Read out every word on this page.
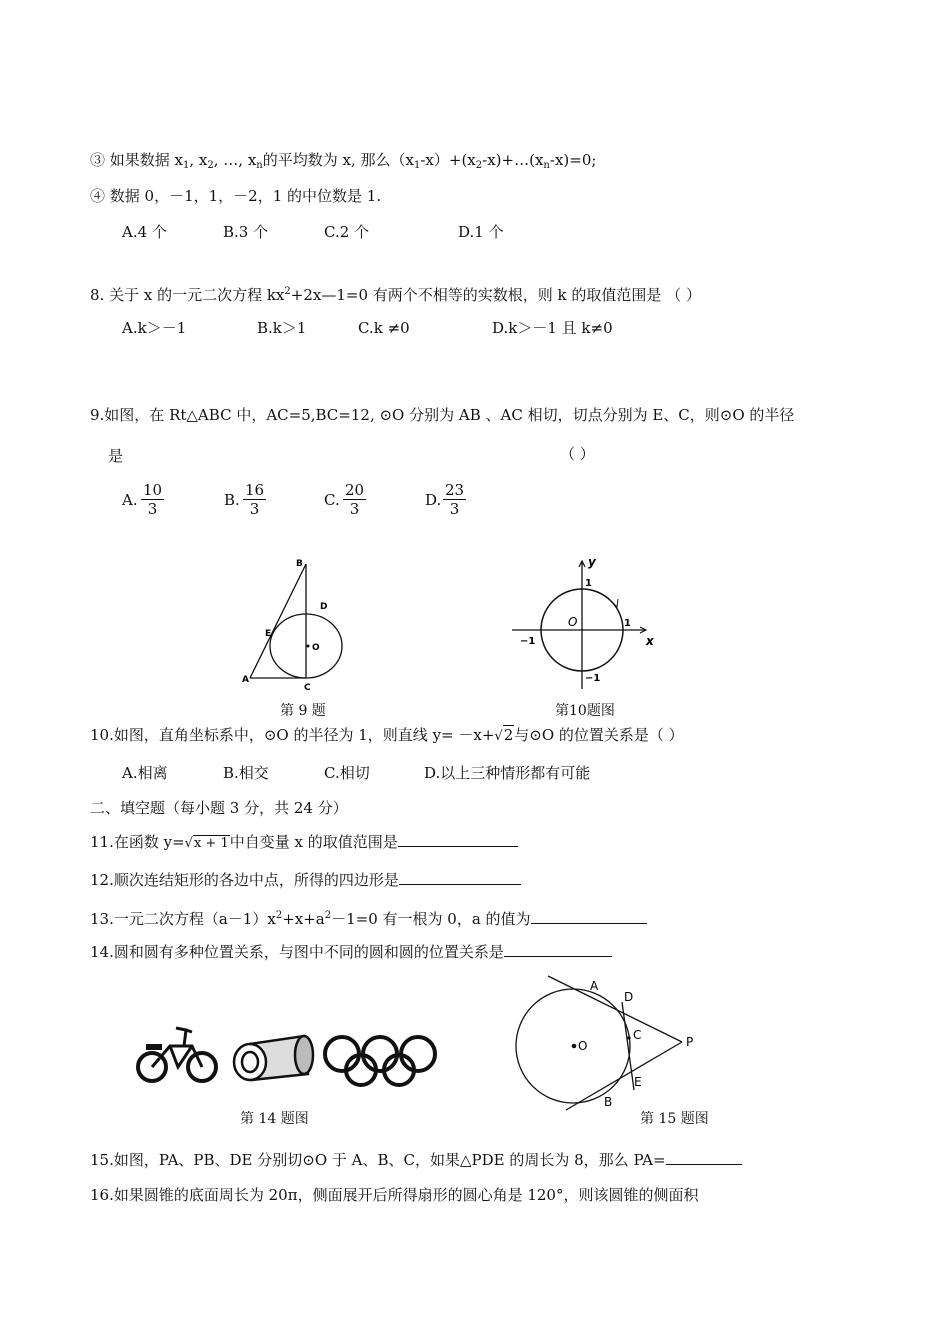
③ 如果数据 $x_1$, $x_2$, …, $x_n$的平均数为 x, 那么$(x_1-x)+(x_2-x)+\dots(x_n-x)=0$;
④ 数据 0，－1，1，－2，1 的中位数是 1.
A.4 个	B.3 个	C.2 个	D.1 个
8. 关于 x 的一元二次方程 $kx^2+2x—1=0$ 有两个不相等的实数根，则 k 的取值范围是 （ ）
A.k＞－1	B.k＞1	C.k ≠0	D.k＞－1 且 k≠0
9.如图，在 Rt△ABC 中，AC=5,BC=12, ⊙O 分别为 AB 、AC 相切，切点分别为 E、C，则⊙O 的半径
是	（ ）
A. $\frac{10}{3}$	B. $\frac{16}{3}$	C. $\frac{20}{3}$	D. $\frac{23}{3}$
B
D
E
O
A
C
第 9 题
y
1
O	1
x
−1
−1
第10题图
10.如图，直角坐标系中，⊙O 的半径为 1，则直线 y= －x+√2与⊙O 的位置关系是（ ）
A.相离	B.相交	C.相切	D.以上三种情形都有可能
二、填空题（每小题 3 分，共 24 分）
11.在函数 y=√x + 1中自变量 x 的取值范围是
12.顺次连结矩形的各边中点，所得的四边形是
13.一元二次方程$(a-1)x^2+x+a^2-1=0$ 有一根为 0，a 的值为
14.圆和圆有多种位置关系，与图中不同的圆和圆的位置关系是
第 14 题图
A
D
C
O	P
E
B
第 15 题图
15.如图，PA、PB、DE 分别切⊙O 于 A、B、C，如果△PDE 的周长为 8，那么 PA=
16.如果圆锥的底面周长为 20π，侧面展开后所得扇形的圆心角是 120°，则该圆锥的侧面积
